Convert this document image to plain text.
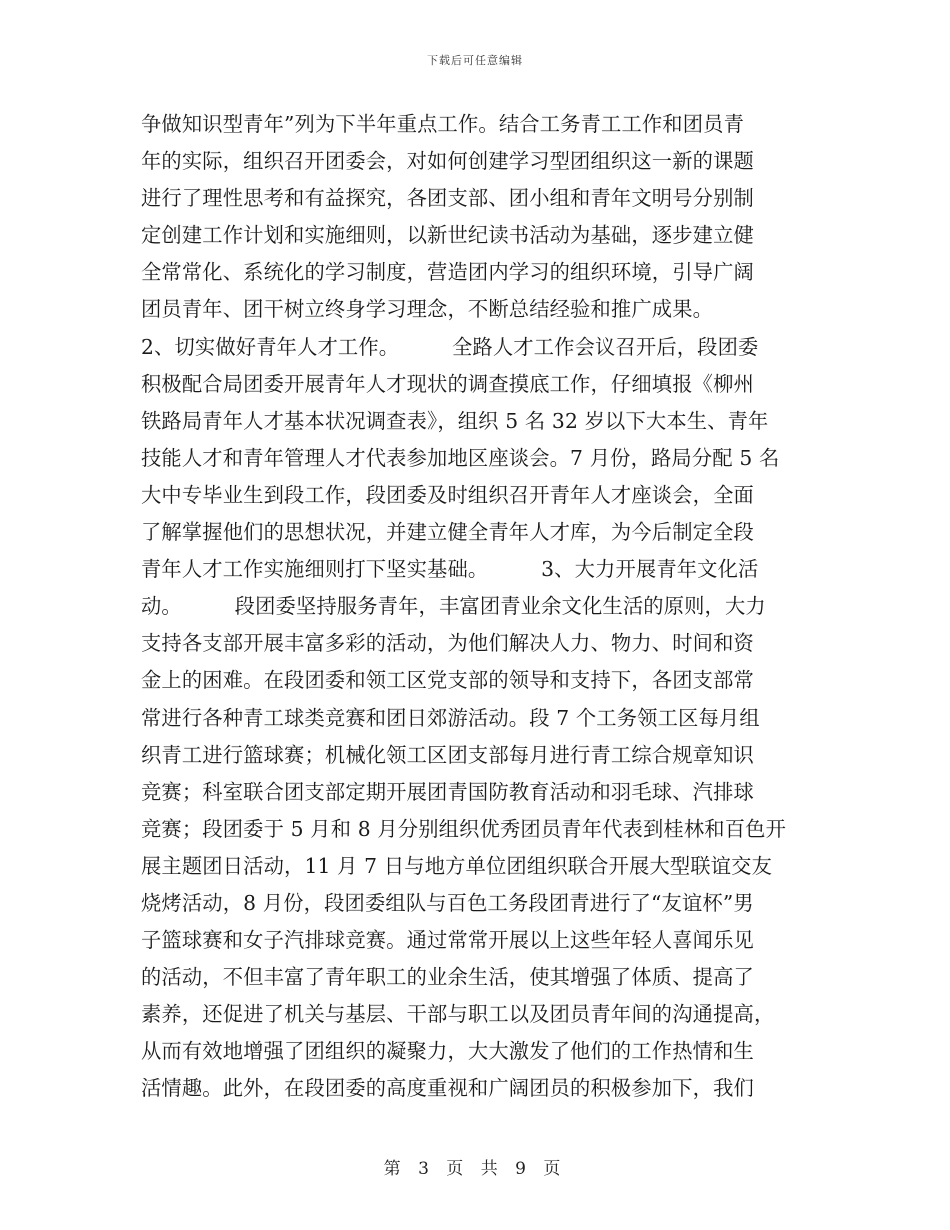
下载后可任意编辑
争做知识型青年”列为下半年重点工作。结合工务青工工作和团员青
年的实际，组织召开团委会，对如何创建学习型团组织这一新的课题
进行了理性思考和有益探究，各团支部、团小组和青年文明号分别制
定创建工作计划和实施细则，以新世纪读书活动为基础，逐步建立健
全常常化、系统化的学习制度，营造团内学习的组织环境，引导广阔
团员青年、团干树立终身学习理念，不断总结经验和推广成果。
2、切实做好青年人才工作。        全路人才工作会议召开后，段团委
积极配合局团委开展青年人才现状的调查摸底工作，仔细填报《柳州
铁路局青年人才基本状况调查表》，组织 5 名 32 岁以下大本生、青年
技能人才和青年管理人才代表参加地区座谈会。7 月份，路局分配 5 名
大中专毕业生到段工作，段团委及时组织召开青年人才座谈会，全面
了解掌握他们的思想状况，并建立健全青年人才库，为今后制定全段
青年人才工作实施细则打下坚实基础。        3、大力开展青年文化活
动。        段团委坚持服务青年，丰富团青业余文化生活的原则，大力
支持各支部开展丰富多彩的活动，为他们解决人力、物力、时间和资
金上的困难。在段团委和领工区党支部的领导和支持下，各团支部常
常进行各种青工球类竞赛和团日郊游活动。段 7 个工务领工区每月组
织青工进行篮球赛；机械化领工区团支部每月进行青工综合规章知识
竞赛；科室联合团支部定期开展团青国防教育活动和羽毛球、汽排球
竞赛；段团委于 5 月和 8 月分别组织优秀团员青年代表到桂林和百色开
展主题团日活动，11 月 7 日与地方单位团组织联合开展大型联谊交友
烧烤活动，8 月份，段团委组队与百色工务段团青进行了“友谊杯”男
子篮球赛和女子汽排球竞赛。通过常常开展以上这些年轻人喜闻乐见
的活动，不但丰富了青年职工的业余生活，使其增强了体质、提高了
素养，还促进了机关与基层、干部与职工以及团员青年间的沟通提高，
从而有效地增强了团组织的凝聚力，大大激发了他们的工作热情和生
活情趣。此外，在段团委的高度重视和广阔团员的积极参加下，我们
第 3 页 共 9 页
